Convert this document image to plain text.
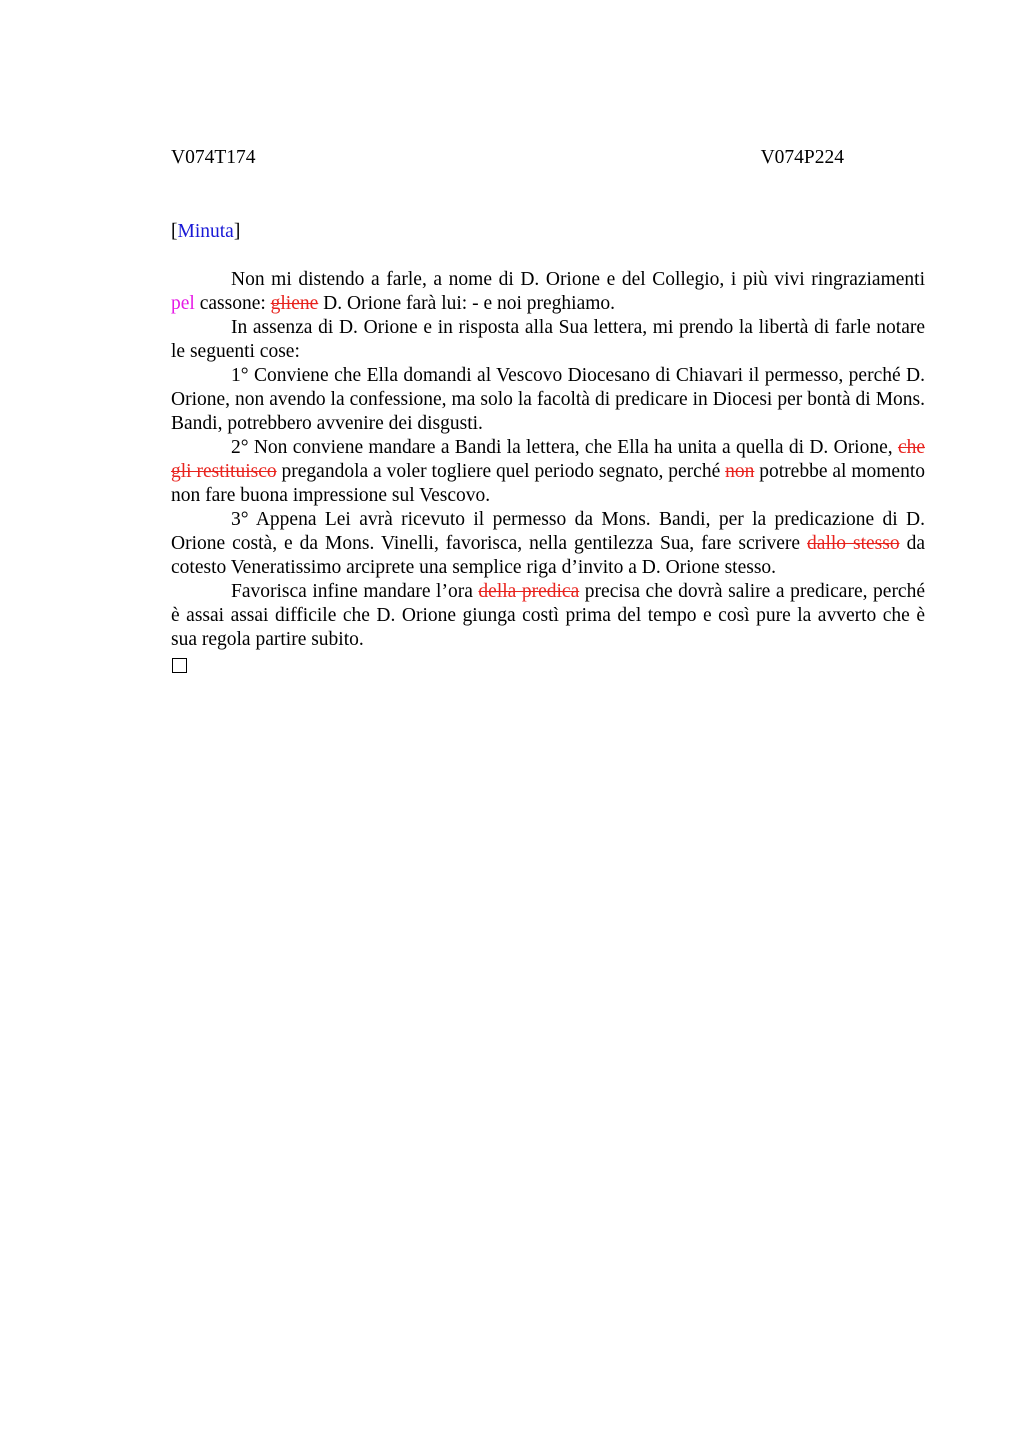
V074T174	V074P224
[Minuta]

Non mi distendo a farle, a nome di D. Orione e del Collegio, i più vivi ringraziamenti pel cassone: gliene D. Orione farà lui: - e noi preghiamo.

In assenza di D. Orione e in risposta alla Sua lettera, mi prendo la libertà di farle notare le seguenti cose:

1° Conviene che Ella domandi al Vescovo Diocesano di Chiavari il permesso, perché D. Orione, non avendo la confessione, ma solo la facoltà di predicare in Diocesi per bontà di Mons. Bandi, potrebbero avvenire dei disgusti.

2° Non conviene mandare a Bandi la lettera, che Ella ha unita a quella di D. Orione, che gli restituisco pregandola a voler togliere quel periodo segnato, perché non potrebbe al momento non fare buona impressione sul Vescovo.

3° Appena Lei avrà ricevuto il permesso da Mons. Bandi, per la predicazione di D. Orione costà, e da Mons. Vinelli, favorisca, nella gentilezza Sua, fare scrivere dallo stesso da cotesto Veneratissimo arciprete una semplice riga d’invito a D. Orione stesso.

Favorisca infine mandare l’ora della predica precisa che dovrà salire a predicare, perché è assai assai difficile che D. Orione giunga costì prima del tempo e così pure la avverto che è sua regola partire subito.
